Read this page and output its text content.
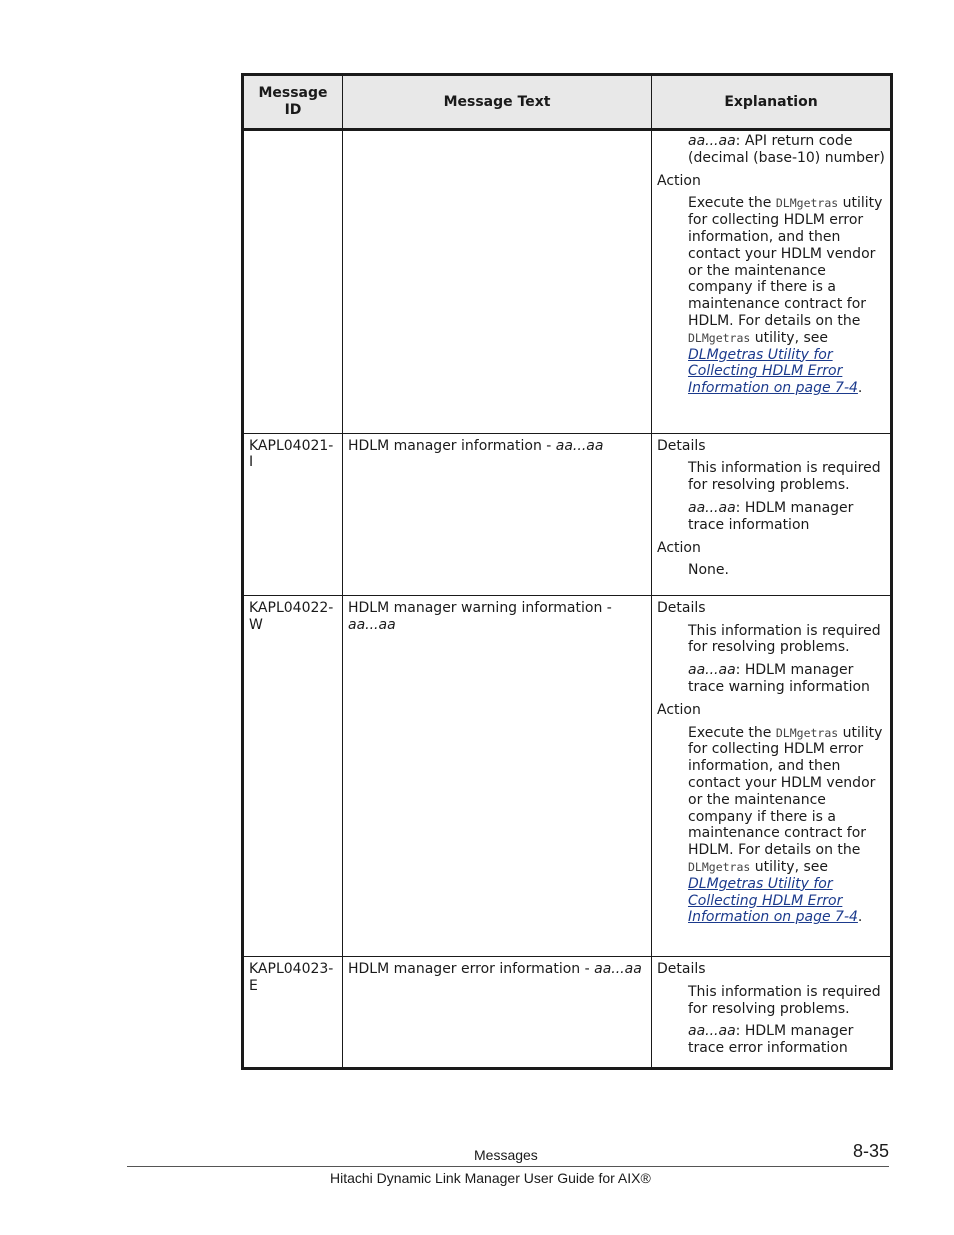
Message ID	Message Text	Explanation

		aa...aa: API return code (decimal (base-10) number)

Action

Execute the DLMgetras utility for collecting HDLM error information, and then contact your HDLM vendor or the maintenance company if there is a maintenance contract for HDLM. For details on the DLMgetras utility, see DLMgetras Utility for Collecting HDLM Error Information on page 7-4.

KAPL04021-I	HDLM manager information - aa...aa	Details

This information is required for resolving problems.

aa...aa: HDLM manager trace information

Action

None.

KAPL04022-W	HDLM manager warning information - aa...aa	Details

This information is required for resolving problems.

aa...aa: HDLM manager trace warning information

Action

Execute the DLMgetras utility for collecting HDLM error information, and then contact your HDLM vendor or the maintenance company if there is a maintenance contract for HDLM. For details on the DLMgetras utility, see DLMgetras Utility for Collecting HDLM Error Information on page 7-4.

KAPL04023-E	HDLM manager error information - aa...aa	Details

This information is required for resolving problems.

aa...aa: HDLM manager trace error information

Messages	8-35
Hitachi Dynamic Link Manager User Guide for AIX®
